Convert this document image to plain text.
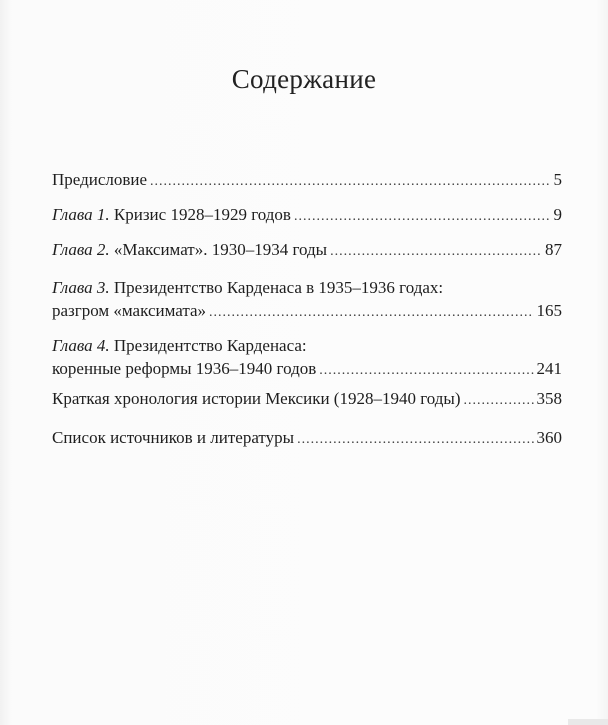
Содержание
Предисловие .....	5
Глава 1. Кризис 1928–1929 годов .....	9
Глава 2. «Максимат». 1930–1934 годы .....	87
Глава 3. Президентство Карденаса в 1935–1936 годах:
разгром «максимата» .....	165
Глава 4. Президентство Карденаса:
коренные реформы 1936–1940 годов .....	241
Краткая хронология истории Мексики (1928–1940 годы) .....	358
Список источников и литературы .....	360
